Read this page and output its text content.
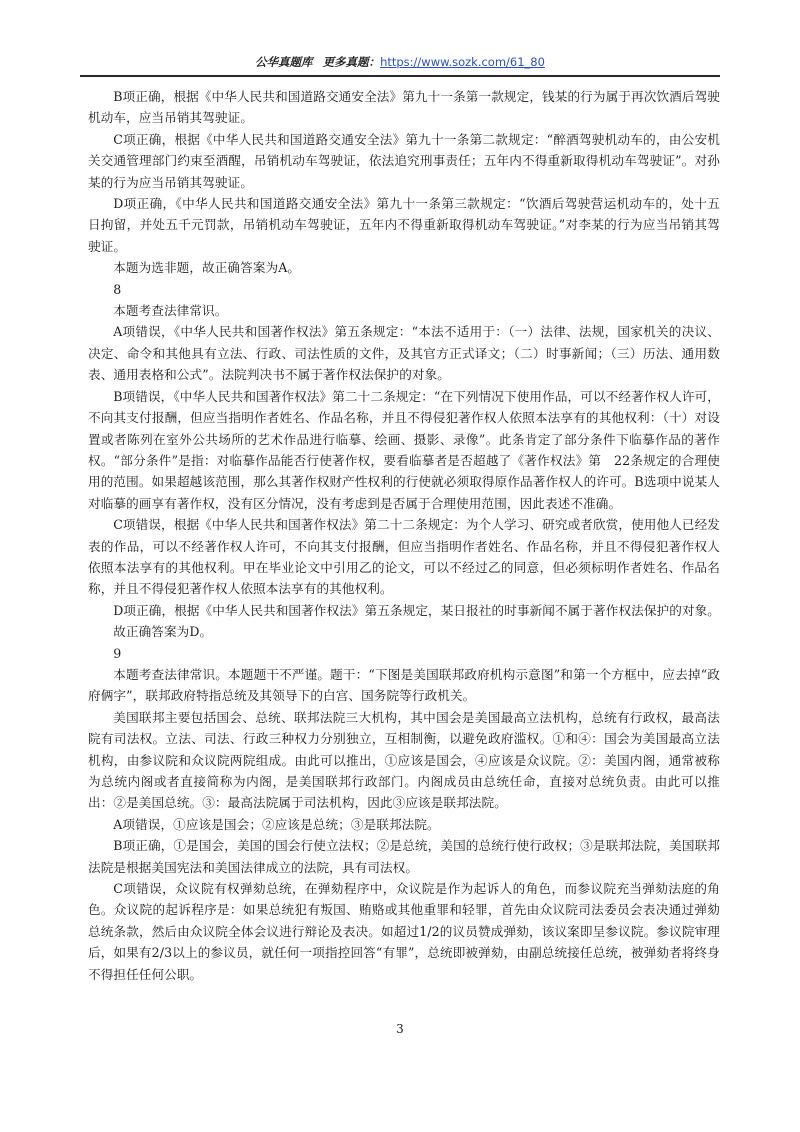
公华真题库 更多真题：https://www.sozk.com/61_80

B项正确，根据《中华人民共和国道路交通安全法》第九十一条第一款规定，钱某的行为属于再次饮酒后驾驶机动车，应当吊销其驾驶证。

C项正确，根据《中华人民共和国道路交通安全法》第九十一条第二款规定：“醉酒驾驶机动车的，由公安机关交通管理部门约束至酒醒，吊销机动车驾驶证，依法追究刑事责任；五年内不得重新取得机动车驾驶证”。对孙某的行为应当吊销其驾驶证。

D项正确，《中华人民共和国道路交通安全法》第九十一条第三款规定：“饮酒后驾驶营运机动车的，处十五日拘留，并处五千元罚款，吊销机动车驾驶证，五年内不得重新取得机动车驾驶证。”对李某的行为应当吊销其驾驶证。

本题为选非题，故正确答案为A。

8

本题考查法律常识。

A项错误，《中华人民共和国著作权法》第五条规定：“本法不适用于：（一）法律、法规，国家机关的决议、决定、命令和其他具有立法、行政、司法性质的文件，及其官方正式译文；（二）时事新闻；（三）历法、通用数表、通用表格和公式”。法院判决书不属于著作权法保护的对象。

B项错误，《中华人民共和国著作权法》第二十二条规定：“在下列情况下使用作品，可以不经著作权人许可，不向其支付报酬，但应当指明作者姓名、作品名称，并且不得侵犯著作权人依照本法享有的其他权利：（十）对设置或者陈列在室外公共场所的艺术作品进行临摹、绘画、摄影、录像”。此条肯定了部分条件下临摹作品的著作权。“部分条件”是指：对临摹作品能否行使著作权，要看临摹者是否超越了《著作权法》第　22条规定的合理使用的范围。如果超越该范围，那么其著作权财产性权利的行使就必须取得原作品著作权人的许可。B选项中说某人对临摹的画享有著作权，没有区分情况，没有考虑到是否属于合理使用范围，因此表述不准确。

C项错误，根据《中华人民共和国著作权法》第二十二条规定：为个人学习、研究或者欣赏，使用他人已经发表的作品，可以不经著作权人许可，不向其支付报酬，但应当指明作者姓名、作品名称，并且不得侵犯著作权人依照本法享有的其他权利。甲在毕业论文中引用乙的论文，可以不经过乙的同意，但必须标明作者姓名、作品名称，并且不得侵犯著作权人依照本法享有的其他权利。

D项正确，根据《中华人民共和国著作权法》第五条规定，某日报社的时事新闻不属于著作权法保护的对象。

故正确答案为D。

9

本题考查法律常识。本题题干不严谨。题干：“下图是美国联邦政府机构示意图”和第一个方框中，应去掉“政府俩字”，联邦政府特指总统及其领导下的白宫、国务院等行政机关。

美国联邦主要包括国会、总统、联邦法院三大机构，其中国会是美国最高立法机构，总统有行政权，最高法院有司法权。立法、司法、行政三种权力分别独立，互相制衡，以避免政府滥权。①和④：国会为美国最高立法机构，由参议院和众议院两院组成。由此可以推出，①应该是国会，④应该是众议院。②：美国内阁，通常被称为总统内阁或者直接简称为内阁，是美国联邦行政部门。内阁成员由总统任命，直接对总统负责。由此可以推出：②是美国总统。③：最高法院属于司法机构，因此③应该是联邦法院。

A项错误，①应该是国会；②应该是总统；③是联邦法院。

B项正确，①是国会，美国的国会行使立法权；②是总统，美国的总统行使行政权；③是联邦法院，美国联邦法院是根据美国宪法和美国法律成立的法院，具有司法权。

C项错误，众议院有权弹劾总统，在弹劾程序中，众议院是作为起诉人的角色，而参议院充当弹劾法庭的角色。众议院的起诉程序是：如果总统犯有叛国、贿赂或其他重罪和轻罪，首先由众议院司法委员会表决通过弹劾总统条款，然后由众议院全体会议进行辩论及表决。如超过1/2的议员赞成弹劾，该议案即呈参议院。参议院审理后，如果有2/3以上的参议员，就任何一项指控回答“有罪”，总统即被弹劾，由副总统接任总统，被弹劾者将终身不得担任任何公职。

3
